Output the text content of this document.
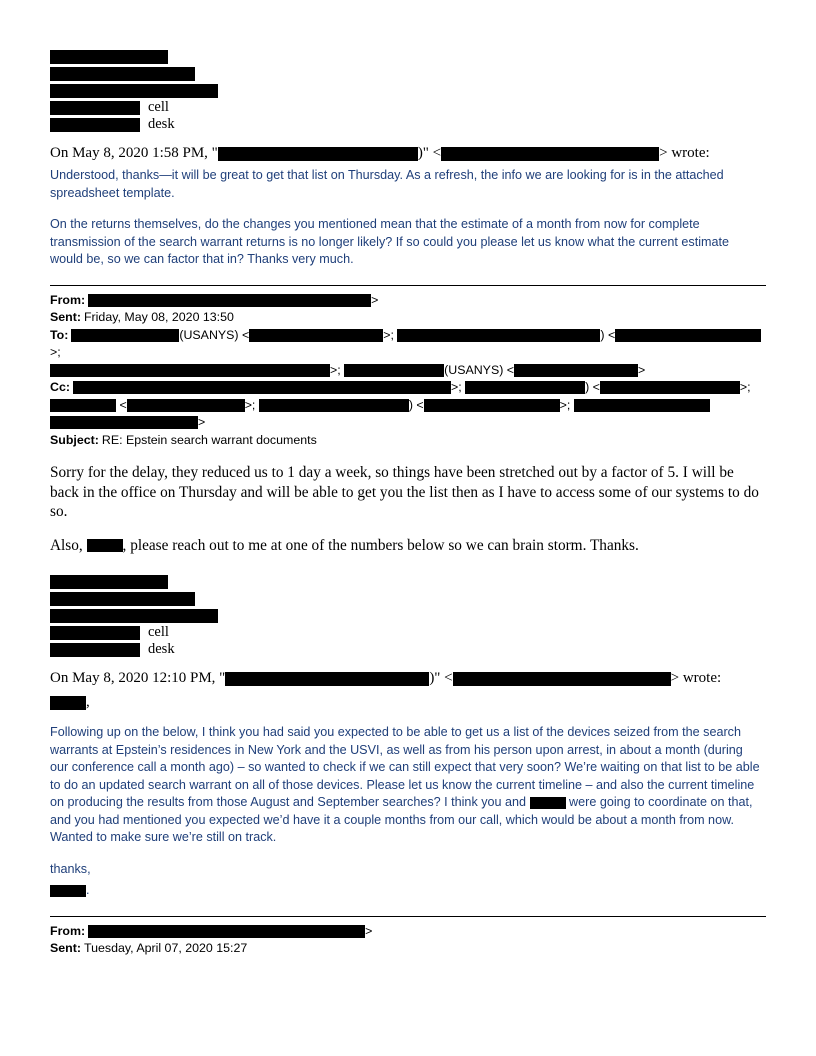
cell
desk
On May 8, 2020 1:58 PM, "	)" <	> wrote:
Understood, thanks—it will be great to get that list on Thursday. As a refresh, the info we are looking for is in the attached spreadsheet template.
On the returns themselves, do the changes you mentioned mean that the estimate of a month from now for complete transmission of the search warrant returns is no longer likely? If so could you please let us know what the current estimate would be, so we can factor that in? Thanks very much.
From:	>
Sent: Friday, May 08, 2020 13:50
To:	(USANYS) <	>;	) <>;
>;	(USANYS) <	>
Cc:	>;	) <	>;
<	>;	) <	>;
>
Subject: RE: Epstein search warrant documents
Sorry for the delay, they reduced us to 1 day a week, so things have been stretched out by a factor of 5. I will be back in the office on Thursday and will be able to get you the list then as I have to access some of our systems to do so.
Also, , please reach out to me at one of the numbers below so we can brain storm. Thanks.
cell
desk
On May 8, 2020 12:10 PM, "	)" <	> wrote:
,
Following up on the below, I think you had said you expected to be able to get us a list of the devices seized from the search warrants at Epstein’s residences in New York and the USVI, as well as from his person upon arrest, in about a month (during our conference call a month ago) – so wanted to check if we can still expect that very soon? We’re waiting on that list to be able to do an updated search warrant on all of those devices. Please let us know the current timeline – and also the current timeline on producing the results from those August and September searches? I think you and	were going to coordinate on that, and you had mentioned you expected we’d have it a couple months from our call, which would be about a month from now. Wanted to make sure we’re still on track.
thanks,
.
From:	>
Sent: Tuesday, April 07, 2020 15:27
